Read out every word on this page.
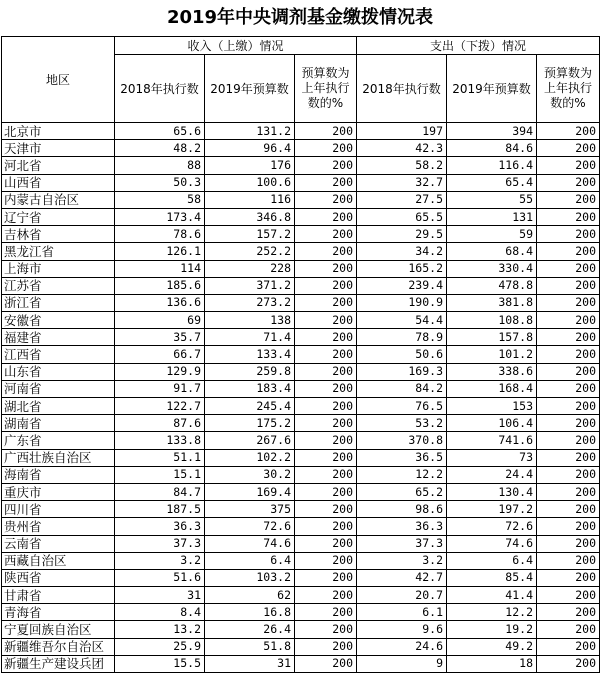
2019年中央调剂基金缴拨情况表
地区	收入（上缴）情况			支出（下拨）情况		
	2018年执行数	2019年预算数	预算数为上年执行数的%	2018年执行数	2019年预算数	预算数为上年执行数的%
北京市	65.6	131.2	200	197	394	200
天津市	48.2	96.4	200	42.3	84.6	200
河北省	88	176	200	58.2	116.4	200
山西省	50.3	100.6	200	32.7	65.4	200
内蒙古自治区	58	116	200	27.5	55	200
辽宁省	173.4	346.8	200	65.5	131	200
吉林省	78.6	157.2	200	29.5	59	200
黑龙江省	126.1	252.2	200	34.2	68.4	200
上海市	114	228	200	165.2	330.4	200
江苏省	185.6	371.2	200	239.4	478.8	200
浙江省	136.6	273.2	200	190.9	381.8	200
安徽省	69	138	200	54.4	108.8	200
福建省	35.7	71.4	200	78.9	157.8	200
江西省	66.7	133.4	200	50.6	101.2	200
山东省	129.9	259.8	200	169.3	338.6	200
河南省	91.7	183.4	200	84.2	168.4	200
湖北省	122.7	245.4	200	76.5	153	200
湖南省	87.6	175.2	200	53.2	106.4	200
广东省	133.8	267.6	200	370.8	741.6	200
广西壮族自治区	51.1	102.2	200	36.5	73	200
海南省	15.1	30.2	200	12.2	24.4	200
重庆市	84.7	169.4	200	65.2	130.4	200
四川省	187.5	375	200	98.6	197.2	200
贵州省	36.3	72.6	200	36.3	72.6	200
云南省	37.3	74.6	200	37.3	74.6	200
西藏自治区	3.2	6.4	200	3.2	6.4	200
陕西省	51.6	103.2	200	42.7	85.4	200
甘肃省	31	62	200	20.7	41.4	200
青海省	8.4	16.8	200	6.1	12.2	200
宁夏回族自治区	13.2	26.4	200	9.6	19.2	200
新疆维吾尔自治区	25.9	51.8	200	24.6	49.2	200
新疆生产建设兵团	15.5	31	200	9	18	200
